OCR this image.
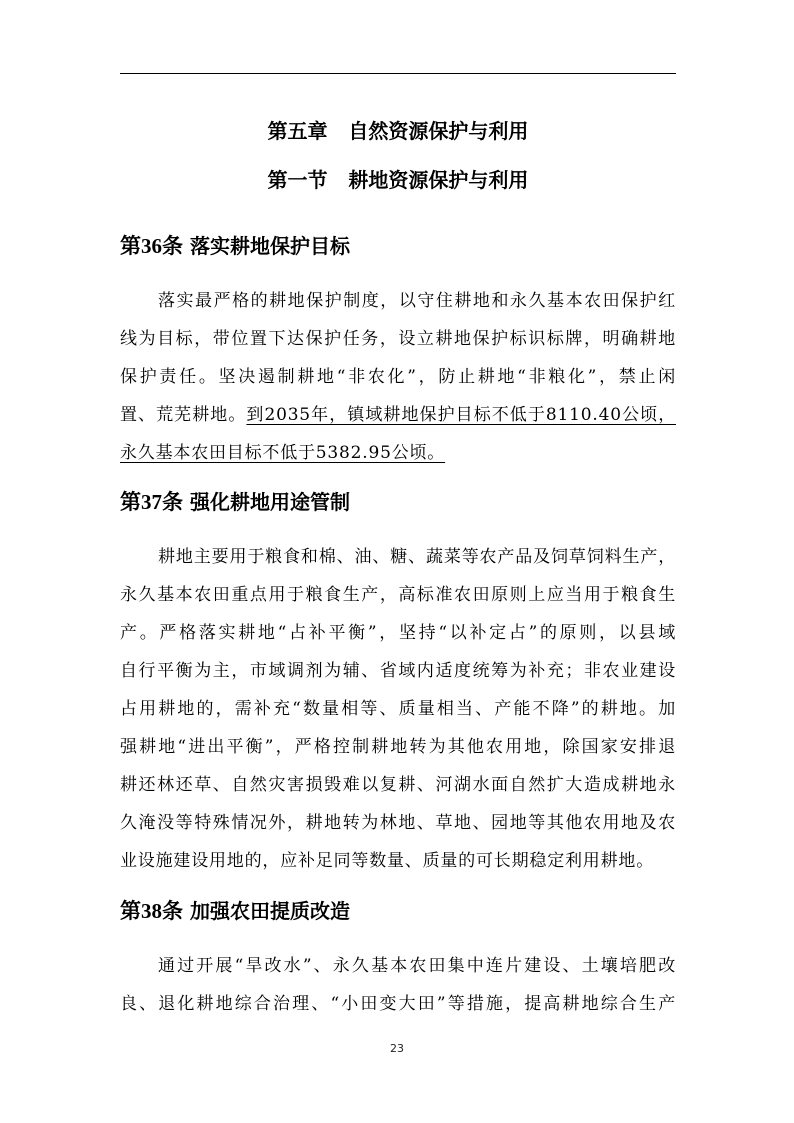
第五章   自然资源保护与利用
第一节   耕地资源保护与利用
第36条 落实耕地保护目标
落实最严格的耕地保护制度，以守住耕地和永久基本农田保护红
线为目标，带位置下达保护任务，设立耕地保护标识标牌，明确耕地
保护责任。坚决遏制耕地“非农化”，防止耕地“非粮化”，禁止闲
置、荒芜耕地。到2035年，镇域耕地保护目标不低于8110.40公顷，
永久基本农田目标不低于5382.95公顷。
第37条 强化耕地用途管制
耕地主要用于粮食和棉、油、糖、蔬菜等农产品及饲草饲料生产，
永久基本农田重点用于粮食生产，高标准农田原则上应当用于粮食生
产。严格落实耕地“占补平衡”，坚持“以补定占”的原则，以县域
自行平衡为主，市域调剂为辅、省域内适度统筹为补充；非农业建设
占用耕地的，需补充“数量相等、质量相当、产能不降”的耕地。加
强耕地“进出平衡”，严格控制耕地转为其他农用地，除国家安排退
耕还林还草、自然灾害损毁难以复耕、河湖水面自然扩大造成耕地永
久淹没等特殊情况外，耕地转为林地、草地、园地等其他农用地及农
业设施建设用地的，应补足同等数量、质量的可长期稳定利用耕地。
第38条 加强农田提质改造
通过开展“旱改水”、永久基本农田集中连片建设、土壤培肥改
良、退化耕地综合治理、“小田变大田”等措施，提高耕地综合生产
23
